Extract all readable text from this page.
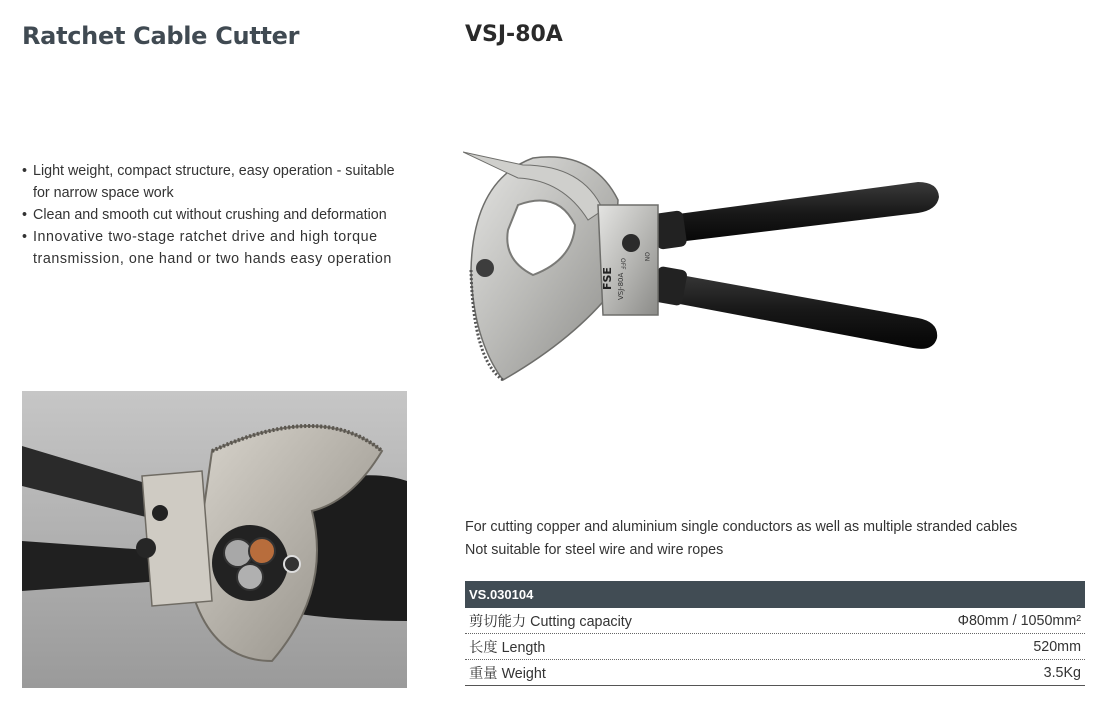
Ratchet Cable Cutter	VSJ-80A
• Light weight, compact structure, easy operation - suitable for narrow space work
• Clean and smooth cut without crushing and deformation
• Innovative two-stage ratchet drive and high torque transmission, one hand or two hands easy operation
FSE VSJ-80A
ON
OFF

For cutting copper and aluminium single conductors as well as multiple stranded cables

Not suitable for steel wire and wire ropes

VS.030104
剪切能力 Cutting capacity	Φ80mm / 1050mm²
长度 Length	520mm
重量 Weight	3.5Kg
